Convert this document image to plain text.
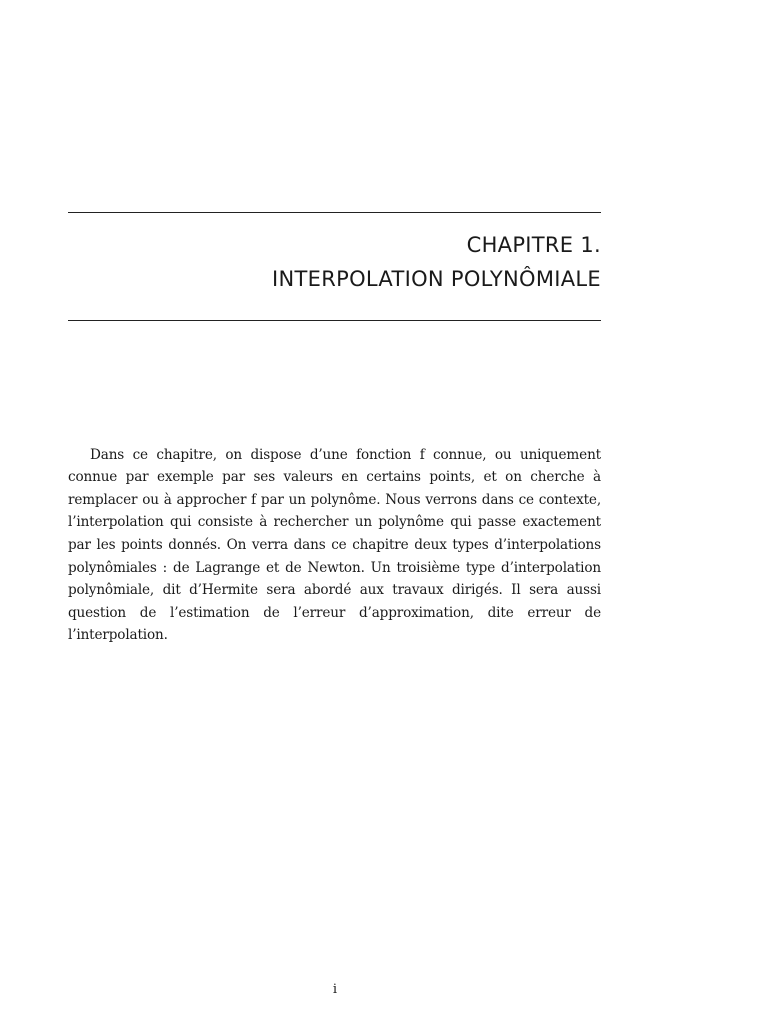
CHAPITRE 1.
INTERPOLATION POLYNÔMIALE

Dans ce chapitre, on dispose d’une fonction f connue, ou uniquement connue par exemple par ses valeurs en certains points, et on cherche à remplacer ou à approcher f par un polynôme. Nous verrons dans ce contexte, l’interpolation qui consiste à rechercher un polynôme qui passe exactement par les points donnés. On verra dans ce chapitre deux types d’interpolations polynômiales : de Lagrange et de Newton. Un troisième type d’interpolation polynômiale, dit d’Hermite sera abordé aux travaux dirigés. Il sera aussi question de l’estimation de l’erreur d’approximation, dite erreur de l’interpolation.

i
